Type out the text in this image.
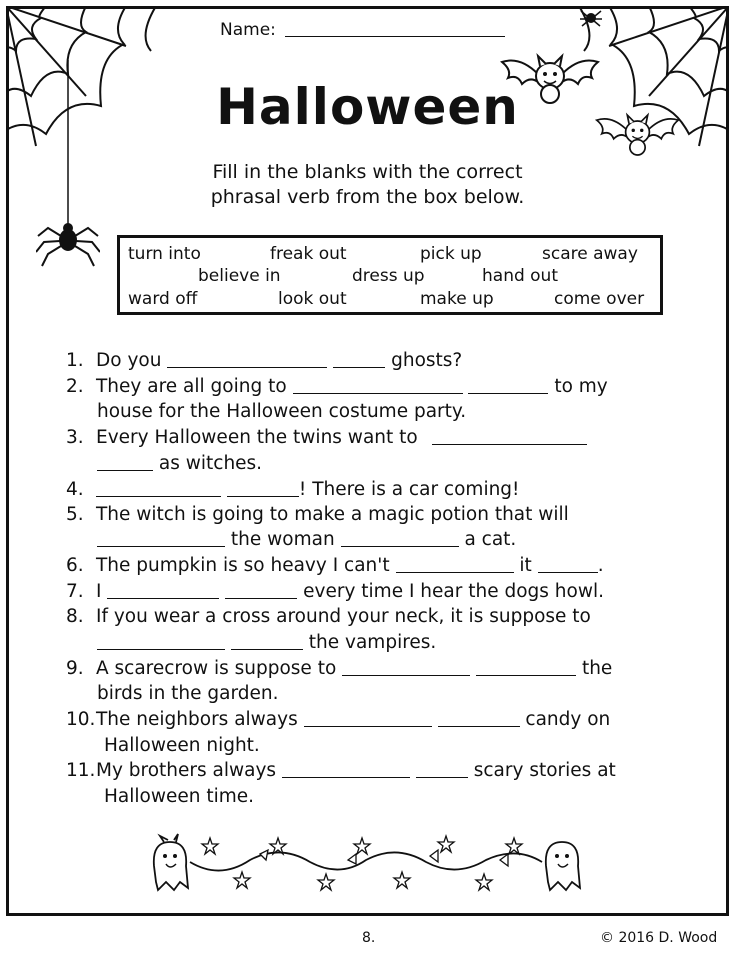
Name:
Halloween
Fill in the blanks with the correct
phrasal verb from the box below.
turn into	freak out	pick up	scare away
believe in	dress up	hand out
ward off	look out	make up	come over
1. Do you	ghosts?
2. They are all going to	to my
house for the Halloween costume party.
3. Every Halloween the twins want to
as witches.
4.	! There is a car coming!
5. The witch is going to make a magic potion that will
the woman	a cat.
6. The pumpkin is so heavy I can't	it	.
7. I	every time I hear the dogs howl.
8. If you wear a cross around your neck, it is suppose to
the vampires.
9. A scarecrow is suppose to	the
birds in the garden.
10.The neighbors always	candy on
Halloween night.
11.My brothers always	scary stories at
Halloween time.
8.	© 2016 D. Wood
